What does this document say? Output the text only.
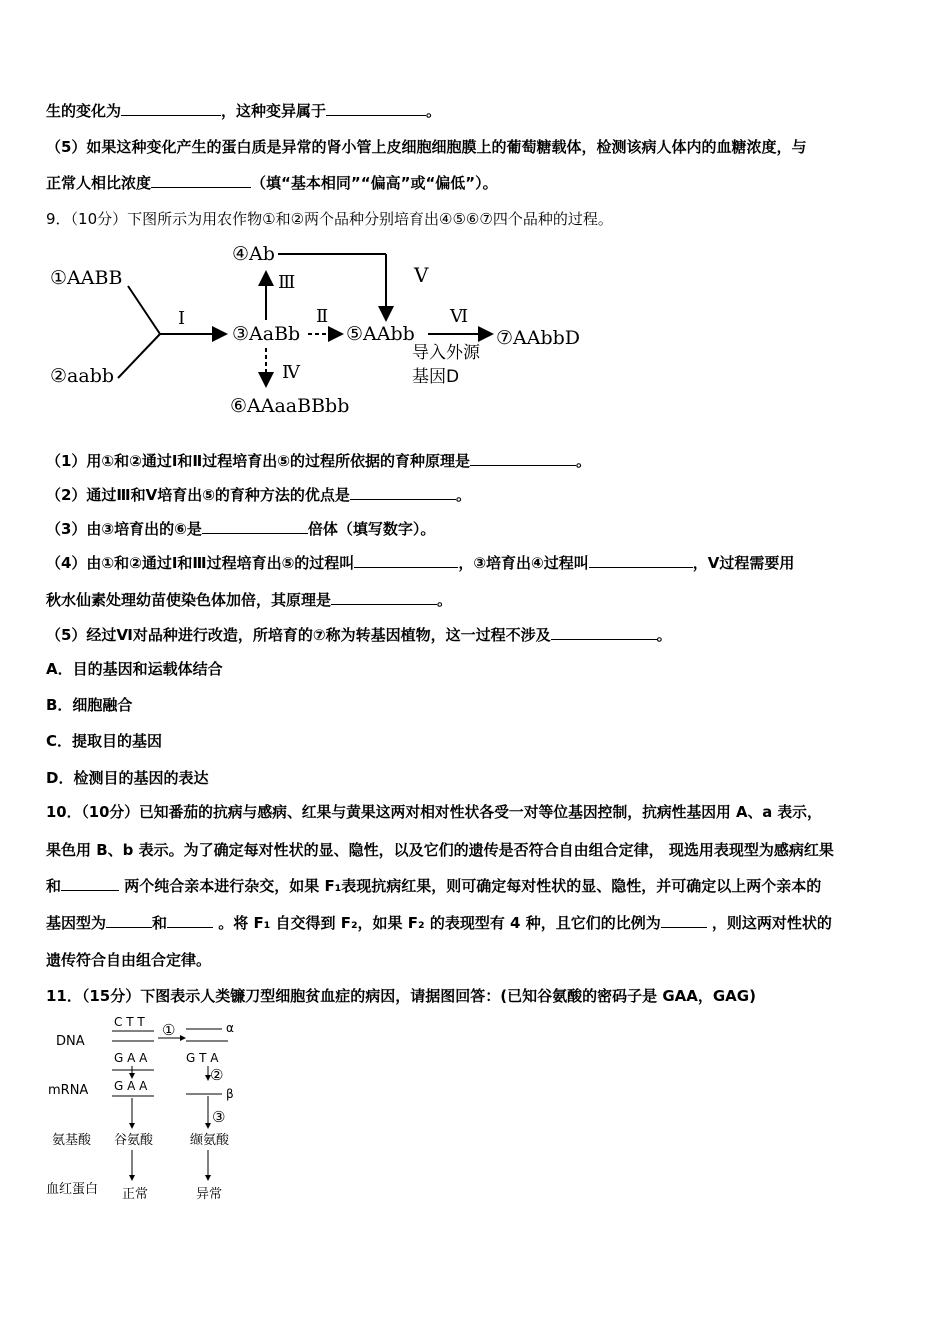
生的变化为	，这种变异属于	。
（5）如果这种变化产生的蛋白质是异常的肾小管上皮细胞细胞膜上的葡萄糖载体，检测该病人体内的血糖浓度，与
正常人相比浓度	（填“基本相同”“偏高”或“偏低”）。
9．（10分）下图所示为用农作物①和②两个品种分别培育出④⑤⑥⑦四个品种的过程。
①AABB
②aabb
Ⅰ
③AaBb
④Ab
Ⅲ	Ⅴ
Ⅱ
⑤AAbb
Ⅵ
⑦AAbbD
导入外源
基因D
Ⅳ
⑥AAaaBBbb
（1）用①和②通过Ⅰ和Ⅱ过程培育出⑤的过程所依据的育种原理是	。
（2）通过Ⅲ和Ⅴ培育出⑤的育种方法的优点是	。
（3）由③培育出的⑥是	倍体（填写数字）。
（4）由①和②通过Ⅰ和Ⅲ过程培育出⑤的过程叫	，③培育出④过程叫	，Ⅴ过程需要用
秋水仙素处理幼苗使染色体加倍，其原理是	。
（5）经过Ⅵ对品种进行改造，所培育的⑦称为转基因植物，这一过程不涉及	。
A．目的基因和运载体结合
B．细胞融合
C．提取目的基因
D．检测目的基因的表达
10．（10分）已知番茄的抗病与感病、红果与黄果这两对相对性状各受一对等位基因控制，抗病性基因用 A、a 表示，
果色用 B、b 表示。为了确定每对性状的显、隐性，以及它们的遗传是否符合自由组合定律， 现选用表现型为感病红果
和	两个纯合亲本进行杂交，如果 F₁表现抗病红果，则可确定每对性状的显、隐性，并可确定以上两个亲本的
基因型为	和	。将 F₁ 自交得到 F₂，如果 F₂ 的表现型有 4 种，且它们的比例为	，则这两对性状的
遗传符合自由组合定律。
11．（15分）下图表示人类镰刀型细胞贫血症的病因，请据图回答：(已知谷氨酸的密码子是 GAA，GAG)
DNA
mRNA
氨基酸
血红蛋白
C T T
G A A
①	α
G T A
G A A
②
β
③
谷氨酸	缬氨酸
正常	异常
